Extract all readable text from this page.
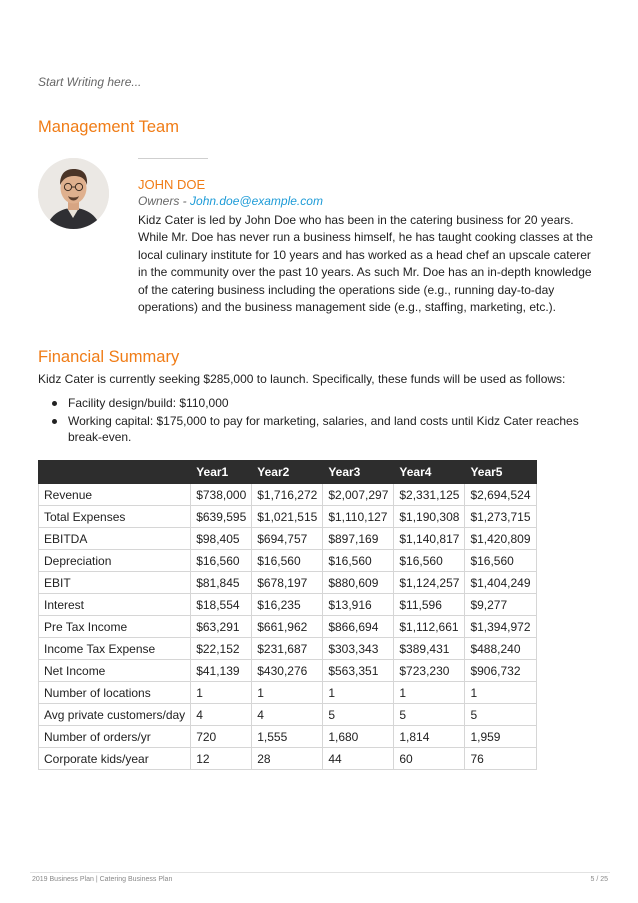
Start Writing here...
Management Team
JOHN DOE
Owners - John.doe@example.com
Kidz Cater is led by John Doe who has been in the catering business for 20 years. While Mr. Doe has never run a business himself, he has taught cooking classes at the local culinary institute for 10 years and has worked as a head chef an upscale caterer in the community over the past 10 years. As such Mr. Doe has an in-depth knowledge of the catering business including the operations side (e.g., running day-to-day operations) and the business management side (e.g., staffing, marketing, etc.).
Financial Summary
Kidz Cater is currently seeking $285,000 to launch. Specifically, these funds will be used as follows:
Facility design/build: $110,000
Working capital: $175,000 to pay for marketing, salaries, and land costs until Kidz Cater reaches break-even.
	Year1	Year2	Year3	Year4	Year5
Revenue	$738,000	$1,716,272	$2,007,297	$2,331,125	$2,694,524
Total Expenses	$639,595	$1,021,515	$1,110,127	$1,190,308	$1,273,715
EBITDA	$98,405	$694,757	$897,169	$1,140,817	$1,420,809
Depreciation	$16,560	$16,560	$16,560	$16,560	$16,560
EBIT	$81,845	$678,197	$880,609	$1,124,257	$1,404,249
Interest	$18,554	$16,235	$13,916	$11,596	$9,277
Pre Tax Income	$63,291	$661,962	$866,694	$1,112,661	$1,394,972
Income Tax Expense	$22,152	$231,687	$303,343	$389,431	$488,240
Net Income	$41,139	$430,276	$563,351	$723,230	$906,732
Number of locations	1	1	1	1	1
Avg private customers/day	4	4	5	5	5
Number of orders/yr	720	1,555	1,680	1,814	1,959
Corporate kids/year	12	28	44	60	76
2019 Business Plan | Catering Business Plan	5 / 25
